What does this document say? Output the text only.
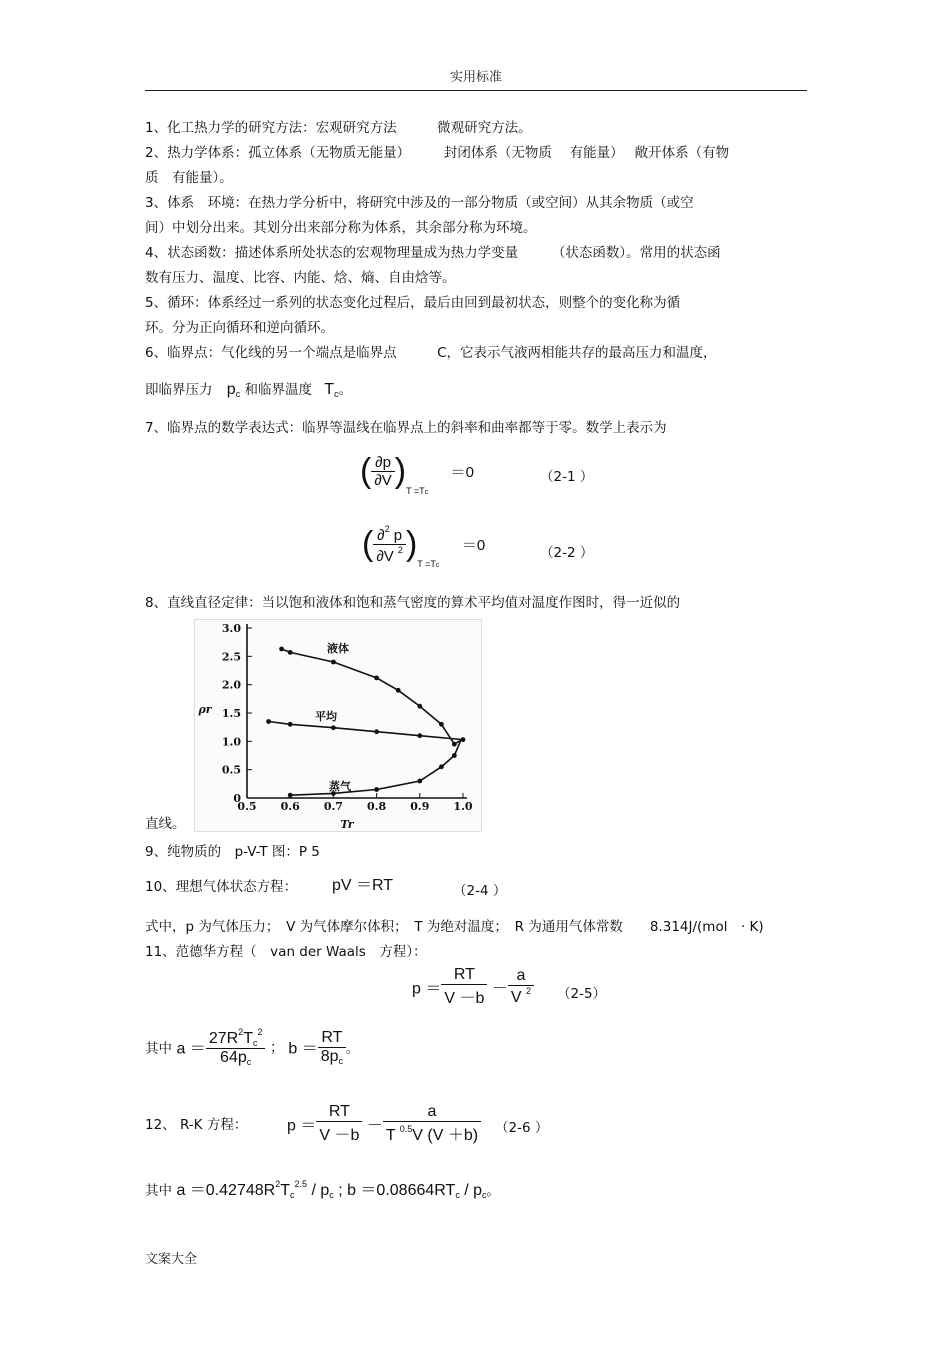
实用标准
1、化工热力学的研究方法：宏观研究方法　　　微观研究方法。
2、热力学体系：孤立体系（无物质无能量）　　　封闭体系（无物质　 有能量）　 敞开体系（有物
质　有能量）。
3、体系　环境：在热力学分析中，将研究中涉及的一部分物质（或空间）从其余物质（或空
间）中划分出来。其划分出来部分称为体系，其余部分称为环境。
4、状态函数：描述体系所处状态的宏观物理量成为热力学变量　　　（状态函数）。常用的状态函
数有压力、温度、比容、内能、焓、熵、自由焓等。
5、循环：体系经过一系列的状态变化过程后，最后由回到最初状态，则整个的变化称为循
环。分为正向循环和逆向循环。
6、临界点：气化线的另一个端点是临界点　　　C，它表示气液两相能共存的最高压力和温度，
即临界压力 $p_c$ 和临界温度 $T_c$。
7、临界点的数学表达式：临界等温线在临界点上的斜率和曲率都等于零。数学上表示为
( $\frac{\partial p}{\partial V} )_{T =Tc} =0$	（2-1 ）
( $\frac{\partial^2 p}{\partial V ^2} )_{T =Tc} =0$	（2-2 ）
8、直线直径定律：当以饱和液体和饱和蒸气密度的算术平均值对温度作图时，得一近似的
0
0.5
1.0
1.5
2.0
2.5
3.0
0.5 0.6 0.7 0.8 0.9 1.0
Tr
ρr
液体
平均
蒸气
直线。
9、纯物质的　p-V-T 图：P 5
10、理想气体状态方程： pV ＝RT	（2-4 ）
式中，p 为气体压力；　V 为气体摩尔体积；　T 为绝对温度；　R 为通用气体常数　　8.314J/(mol　· K)
11、范德华方程（　van der Waals　方程）：
$p = \frac{RT}{V -b} - \frac{a}{V ^2} (2-5)$
其中 $a = \frac{27R^2T_c^2}{64p_c}$ ； $b = \frac{RT}{8p_c}$ 。
12、 R-K 方程： $p = \frac{RT}{V -b} - \frac{a}{T ^{0.5}V (V +b)} (2-6$ ）
其中 $a =0.42748R^2T_c^{2.5} / p_c$ ; $b =0.08664RT_c / p_c$。
文案大全
